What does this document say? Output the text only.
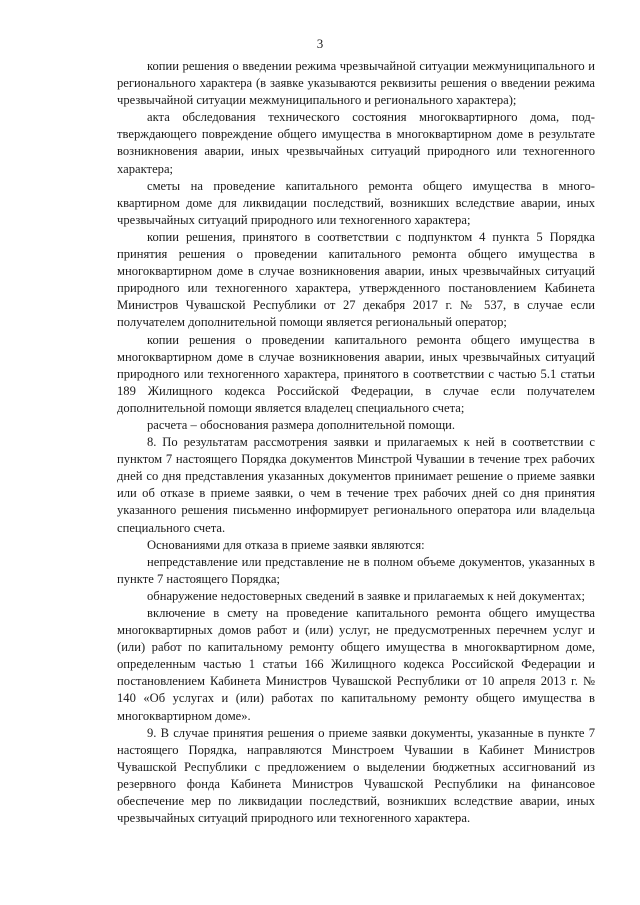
3

копии решения о введении режима чрезвычайной ситуации межмуниципального и регионального характера (в заявке указываются реквизиты решения о введении режима чрезвычайной ситуации межмуниципального и регионального характера);

акта обследования технического состояния многоквартирного дома, подтверждающего повреждение общего имущества в многоквартирном доме в результате возникновения аварии, иных чрезвычайных ситуаций природного или техногенного характера;

сметы на проведение капитального ремонта общего имущества в многоквартирном доме для ликвидации последствий, возникших вследствие аварии, иных чрезвычайных ситуаций природного или техногенного характера;

копии решения, принятого в соответствии с подпунктом 4 пункта 5 Порядка принятия решения о проведении капитального ремонта общего имущества в многоквартирном доме в случае возникновения аварии, иных чрезвычайных ситуаций природного или техногенного характера, утвержденного постановлением Кабинета Министров Чувашской Республики от 27 декабря 2017 г. № 537, в случае если получателем дополнительной помощи является региональный оператор;

копии решения о проведении капитального ремонта общего имущества в многоквартирном доме в случае возникновения аварии, иных чрезвычайных ситуаций природного или техногенного характера, принятого в соответствии с частью 5.1 статьи 189 Жилищного кодекса Российской Федерации, в случае если получателем дополнительной помощи является владелец специального счета;

расчета – обоснования размера дополнительной помощи.

8. По результатам рассмотрения заявки и прилагаемых к ней в соответствии с пунктом 7 настоящего Порядка документов Минстрой Чувашии в течение трех рабочих дней со дня представления указанных документов принимает решение о приеме заявки или об отказе в приеме заявки, о чем в течение трех рабочих дней со дня принятия указанного решения письменно информирует регионального оператора или владельца специального счета.

Основаниями для отказа в приеме заявки являются:

непредставление или представление не в полном объеме документов, указанных в пункте 7 настоящего Порядка;

обнаружение недостоверных сведений в заявке и прилагаемых к ней документах;

включение в смету на проведение капитального ремонта общего имущества многоквартирных домов работ и (или) услуг, не предусмотренных перечнем услуг и (или) работ по капитальному ремонту общего имущества в многоквартирном доме, определенным частью 1 статьи 166 Жилищного кодекса Российской Федерации и постановлением Кабинета Министров Чувашской Республики от 10 апреля 2013 г. № 140 «Об услугах и (или) работах по капитальному ремонту общего имущества в многоквартирном доме».

9. В случае принятия решения о приеме заявки документы, указанные в пункте 7 настоящего Порядка, направляются Минстроем Чувашии в Кабинет Министров Чувашской Республики с предложением о выделении бюджетных ассигнований из резервного фонда Кабинета Министров Чувашской Республики на финансовое обеспечение мер по ликвидации последствий, возникших вследствие аварии, иных чрезвычайных ситуаций природного или техногенного характера.
